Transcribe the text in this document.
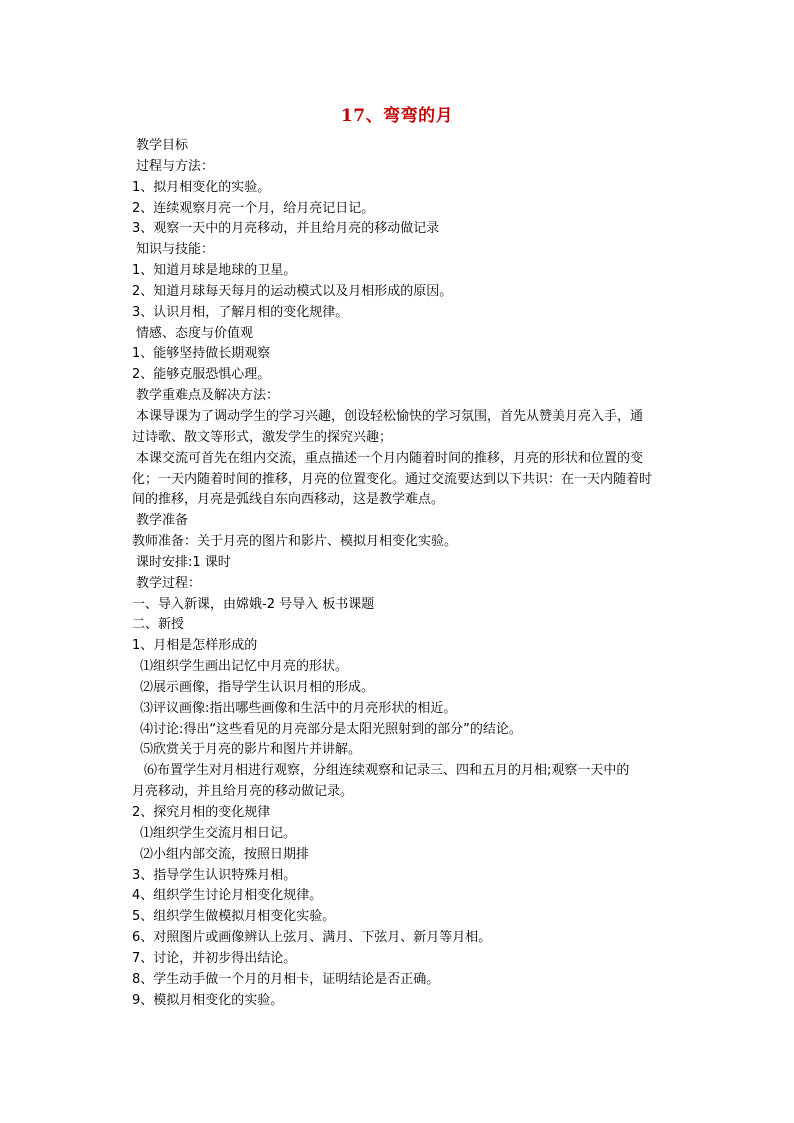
17、弯弯的月
教学目标
过程与方法：
1、拟月相变化的实验。
2、连续观察月亮一个月，给月亮记日记。
3、观察一天中的月亮移动，并且给月亮的移动做记录
知识与技能：
1、知道月球是地球的卫星。
2、知道月球每天每月的运动模式以及月相形成的原因。
3、认识月相，了解月相的变化规律。
情感、态度与价值观
1、能够坚持做长期观察
2、能够克服恐惧心理。
教学重难点及解决方法：
本课导课为了调动学生的学习兴趣，创设轻松愉快的学习氛围，首先从赞美月亮入手，通
过诗歌、散文等形式，激发学生的探究兴趣；
本课交流可首先在组内交流，重点描述一个月内随着时间的推移，月亮的形状和位置的变
化；一天内随着时间的推移，月亮的位置变化。通过交流要达到以下共识：在一天内随着时
间的推移，月亮是弧线自东向西移动，这是教学难点。
教学准备
教师准备：关于月亮的图片和影片、模拟月相变化实验。
课时安排:1 课时
教学过程：
一、导入新课，由嫦娥-2 号导入 板书课题
二、新授
1、月相是怎样形成的
⑴组织学生画出记忆中月亮的形状。
⑵展示画像，指导学生认识月相的形成。
⑶评议画像:指出哪些画像和生活中的月亮形状的相近。
⑷讨论:得出“这些看见的月亮部分是太阳光照射到的部分”的结论。
⑸欣赏关于月亮的影片和图片并讲解。
⑹布置学生对月相进行观察，分组连续观察和记录三、四和五月的月相;观察一天中的
月亮移动，并且给月亮的移动做记录。
2、探究月相的变化规律
⑴组织学生交流月相日记。
⑵小组内部交流，按照日期排
3、指导学生认识特殊月相。
4、组织学生讨论月相变化规律。
5、组织学生做模拟月相变化实验。
6、对照图片或画像辨认上弦月、满月、下弦月、新月等月相。
7、讨论，并初步得出结论。
8、学生动手做一个月的月相卡，证明结论是否正确。
9、模拟月相变化的实验。
